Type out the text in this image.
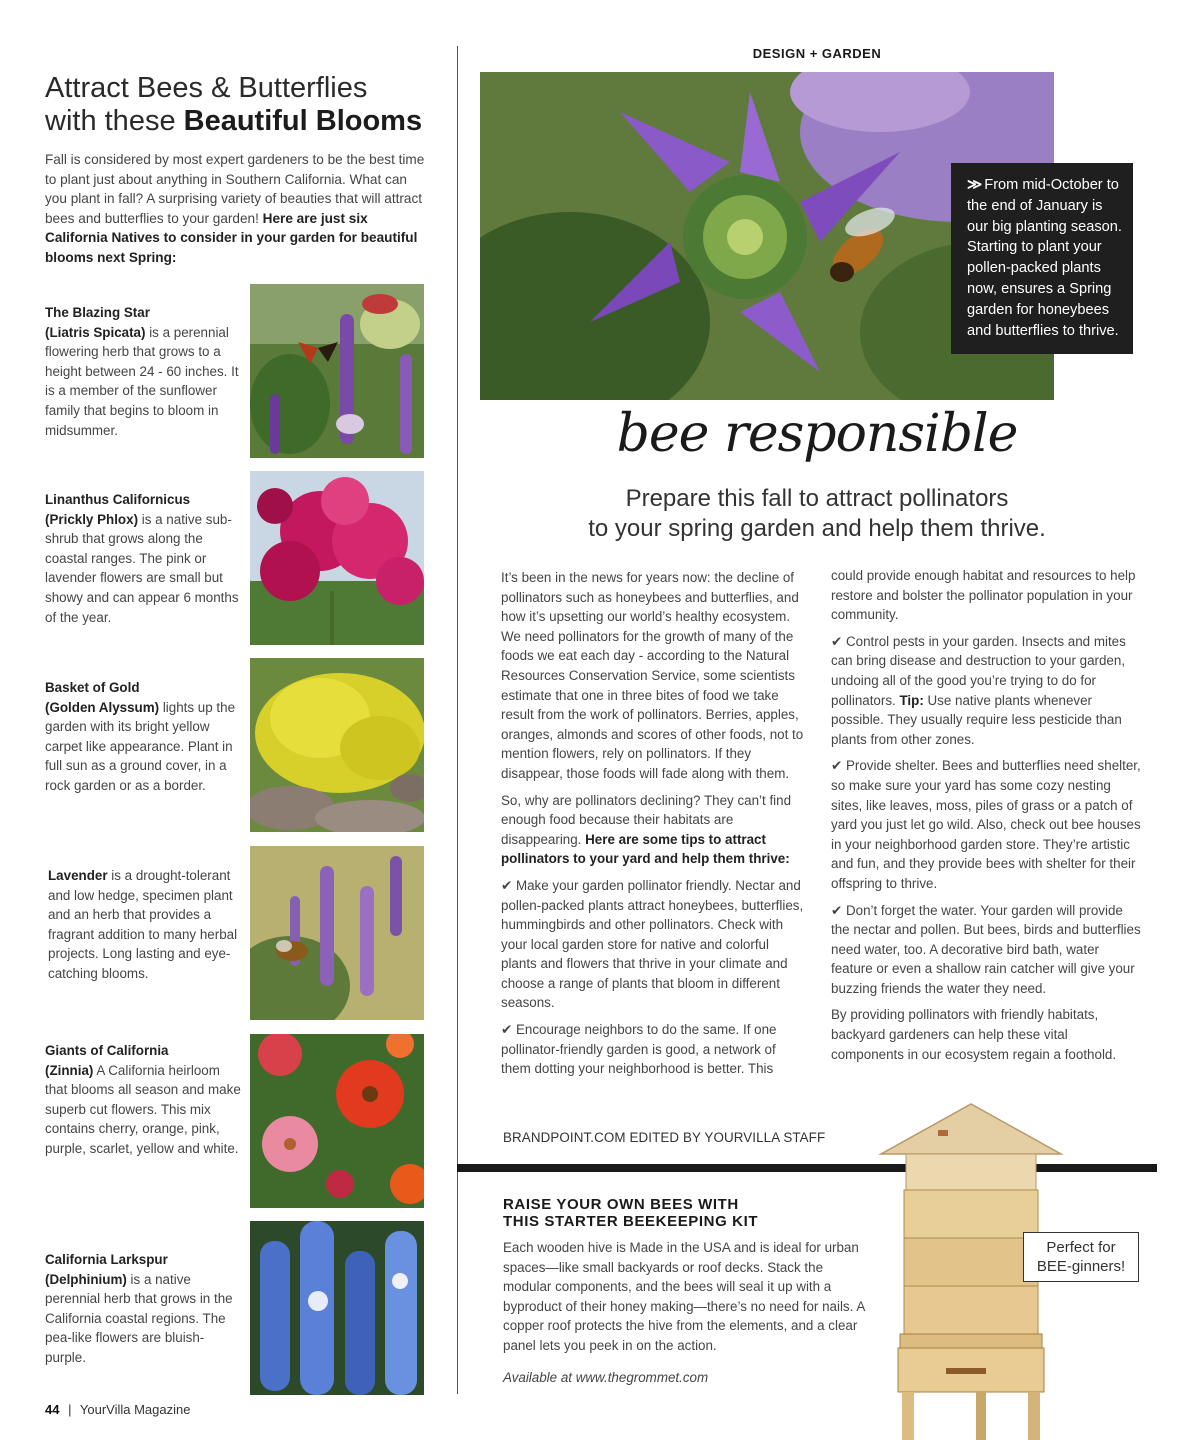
Attract Bees & Butterflies
with these Beautiful Blooms
Fall is considered by most expert gardeners to be the best time to plant just about anything in Southern California. What can you plant in fall? A surprising variety of beauties that will attract bees and butterflies to your garden! Here are just six California Natives to consider in your garden for beautiful blooms next Spring:
The Blazing Star
(Liatris Spicata) is a perennial flowering herb that grows to a height between 24 - 60 inches. It is a member of the sunflower family that begins to bloom in midsummer.
Linanthus Californicus
(Prickly Phlox) is a native sub-shrub that grows along the coastal ranges. The pink or lavender flowers are small but showy and can appear 6 months of the year.
Basket of Gold
(Golden Alyssum) lights up the garden with its bright yellow carpet like appearance. Plant in full sun as a ground cover, in a rock garden or as a border.
Lavender is a drought-tolerant and low hedge, specimen plant and an herb that provides a fragrant addition to many herbal projects. Long lasting and eye-catching blooms.
Giants of California
(Zinnia) A California heirloom that blooms all season and make superb cut flowers. This mix contains cherry, orange, pink, purple, scarlet, yellow and white.
California Larkspur
(Delphinium) is a native perennial herb that grows in the California coastal regions. The pea-like flowers are bluish-purple.
44 | YourVilla Magazine
DESIGN + GARDEN
≫ From mid-October to the end of January is our big planting season. Starting to plant your pollen-packed plants now, ensures a Spring garden for honeybees and butterflies to thrive.
bee responsible
Prepare this fall to attract pollinators
to your spring garden and help them thrive.

It’s been in the news for years now: the decline of pollinators such as honeybees and butterflies, and how it’s upsetting our world’s healthy ecosystem. We need pollinators for the growth of many of the foods we eat each day - according to the Natural Resources Conservation Service, some scientists estimate that one in three bites of food we take result from the work of pollinators. Berries, apples, oranges, almonds and scores of other foods, not to mention flowers, rely on pollinators. If they disappear, those foods will fade along with them.

So, why are pollinators declining? They can’t find enough food because their habitats are disappearing. Here are some tips to attract pollinators to your yard and help them thrive:

✔ Make your garden pollinator friendly. Nectar and pollen-packed plants attract honeybees, butterflies, hummingbirds and other pollinators. Check with your local garden store for native and colorful plants and flowers that thrive in your climate and choose a range of plants that bloom in different seasons.

✔ Encourage neighbors to do the same. If one pollinator-friendly garden is good, a network of them dotting your neighborhood is better. This

could provide enough habitat and resources to help restore and bolster the pollinator population in your community.

✔ Control pests in your garden. Insects and mites can bring disease and destruction to your garden, undoing all of the good you’re trying to do for pollinators. Tip: Use native plants whenever possible. They usually require less pesticide than plants from other zones.

✔ Provide shelter. Bees and butterflies need shelter, so make sure your yard has some cozy nesting sites, like leaves, moss, piles of grass or a patch of yard you just let go wild. Also, check out bee houses in your neighborhood garden store. They’re artistic and fun, and they provide bees with shelter for their offspring to thrive.

✔ Don’t forget the water. Your garden will provide the nectar and pollen. But bees, birds and butterflies need water, too. A decorative bird bath, water feature or even a shallow rain catcher will give your buzzing friends the water they need.

By providing pollinators with friendly habitats, backyard gardeners can help these vital components in our ecosystem regain a foothold.

BRANDPOINT.COM EDITED BY YOURVILLA STAFF
RAISE YOUR OWN BEES WITH
THIS STARTER BEEKEEPING KIT
Each wooden hive is Made in the USA and is ideal for urban spaces—like small backyards or roof decks. Stack the modular components, and the bees will seal it up with a byproduct of their honey making—there’s no need for nails. A copper roof protects the hive from the elements, and a clear panel lets you peek in on the action.
Available at www.thegrommet.com
Perfect for
BEE-ginners!
